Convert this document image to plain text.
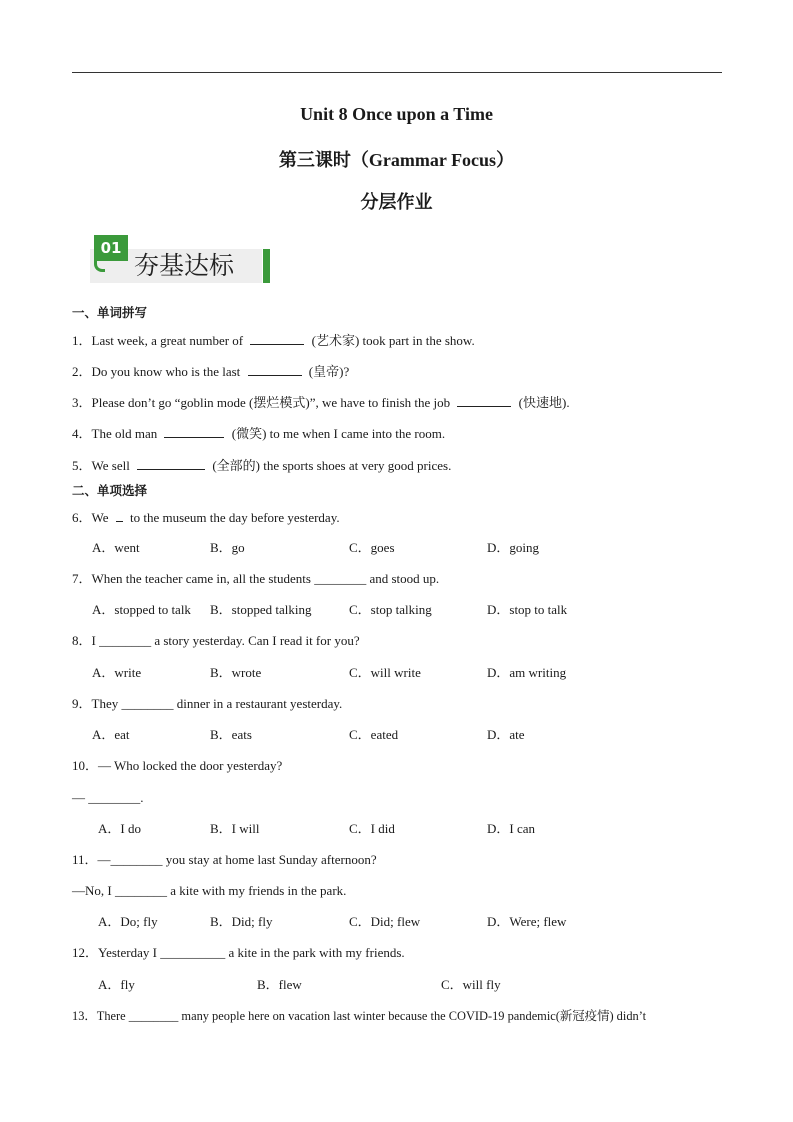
Unit 8 Once upon a Time
第三课时（Grammar Focus）
分层作业
01
夯基达标
一、单词拼写
1．Last week, a great number of	(艺术家) took part in the show.
2．Do you know who is the last	(皇帝)?
3．Please don’t go “goblin mode (摆烂模式)”, we have to finish the job	(快速地).
4．The old man	(微笑) to me when I came into the room.
5．We sell	(全部的) the sports shoes at very good prices.
二、单项选择
6．We to the museum the day before yesterday.
A．went	B．go	C．goes	D．going
7．When the teacher came in, all the students ________ and stood up.
A．stopped to talk B．stopped talking	C．stop talking	D．stop to talk
8．I ________ a story yesterday. Can I read it for you?
A．write	B．wrote	C．will write	D．am writing
9．They ________ dinner in a restaurant yesterday.
A．eat	B．eats	C．eated	D．ate
10．— Who locked the door yesterday?
— ________.
A．I do	B．I will	C．I did	D．I can
11．—________ you stay at home last Sunday afternoon?
—No, I ________ a kite with my friends in the park.
A．Do; fly	B．Did; fly	C．Did; flew	D．Were; flew
12．Yesterday I __________ a kite in the park with my friends.
A．fly	B．flew	C．will fly
13．There ________ many people here on vacation last winter because the COVID-19 pandemic(新冠疫情) didn’t
